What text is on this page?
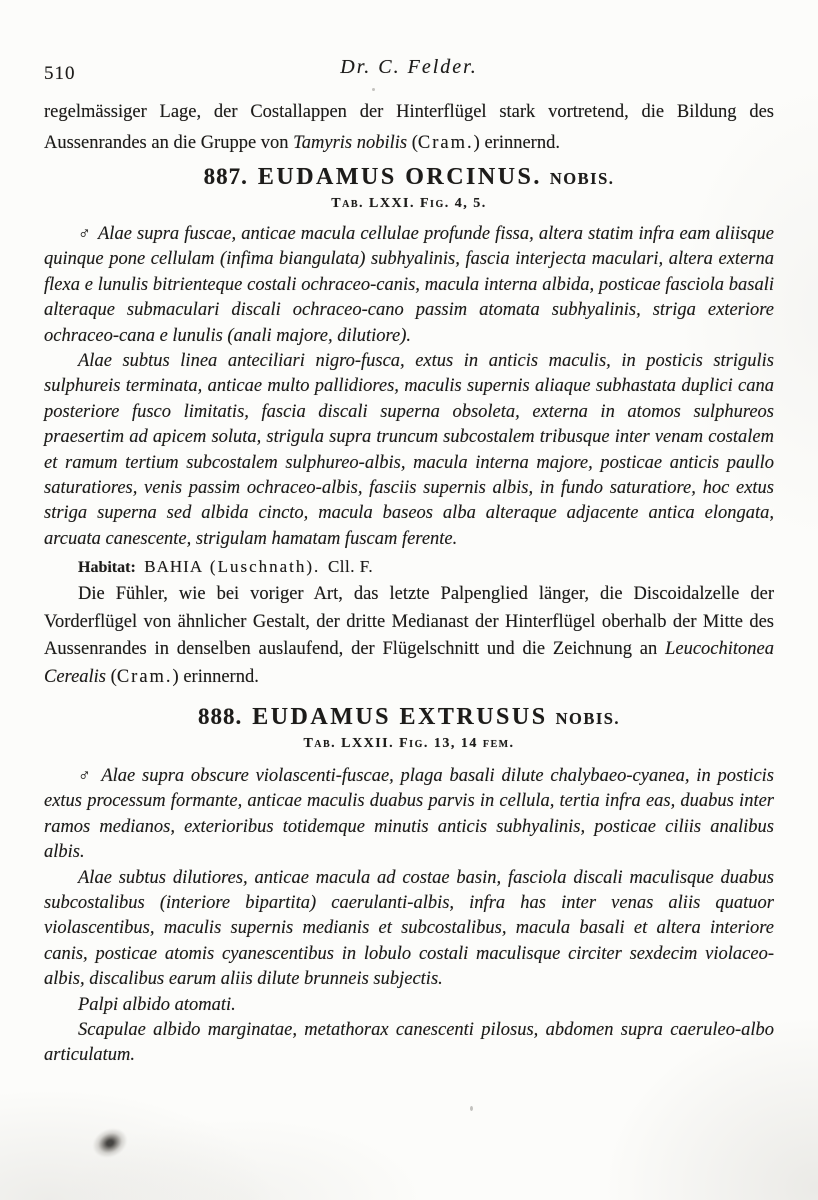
510	Dr. C. Felder.

regelmässiger Lage, der Costallappen der Hinterflügel stark vortretend, die Bildung des Aussenrandes an die Gruppe von Tamyris nobilis (Cram.) erinnernd.

887. EUDAMUS ORCINUS. NOBIS.
Tab. LXXI. Fig. 4, 5.

♂ Alae supra fuscae, anticae macula cellulae profunde fissa, altera statim infra eam aliisque quinque pone cellulam (infima biangulata) subhyalinis, fascia interjecta maculari, altera externa flexa e lunulis bitrienteque costali ochraceo-canis, macula interna albida, posticae fasciola basali alteraque submaculari discali ochraceo-cano passim atomata subhyalinis, striga exteriore ochraceo-cana e lunulis (anali majore, dilutiore).

Alae subtus linea anteciliari nigro-fusca, extus in anticis maculis, in posticis strigulis sulphureis terminata, anticae multo pallidiores, maculis supernis aliaque subhastata duplici cana posteriore fusco limitatis, fascia discali superna obsoleta, externa in atomos sulphureos praesertim ad apicem soluta, strigula supra truncum subcostalem tribusque inter venam costalem et ramum tertium subcostalem sulphureo-albis, macula interna majore, posticae anticis paullo saturatiores, venis passim ochraceo-albis, fasciis supernis albis, in fundo saturatiore, hoc extus striga superna sed albida cincto, macula baseos alba alteraque adjacente antica elongata, arcuata canescente, strigulam hamatam fuscam ferente.

Habitat: BAHIA (Luschnath). Cll. F.

Die Fühler, wie bei voriger Art, das letzte Palpenglied länger, die Discoidalzelle der Vorderflügel von ähnlicher Gestalt, der dritte Medianast der Hinterflügel oberhalb der Mitte des Aussenrandes in denselben auslaufend, der Flügelschnitt und die Zeichnung an Leucochitonea Cerealis (Cram.) erinnernd.

888. EUDAMUS EXTRUSUS NOBIS.
Tab. LXXII. Fig. 13, 14 fem.

♂ Alae supra obscure violascenti-fuscae, plaga basali dilute chalybaeo-cyanea, in posticis extus processum formante, anticae maculis duabus parvis in cellula, tertia infra eas, duabus inter ramos medianos, exterioribus totidemque minutis anticis subhyalinis, posticae ciliis analibus albis.

Alae subtus dilutiores, anticae macula ad costae basin, fasciola discali maculisque duabus subcostalibus (interiore bipartita) caerulanti-albis, infra has inter venas aliis quatuor violascentibus, maculis supernis medianis et subcostalibus, macula basali et altera interiore canis, posticae atomis cyanescentibus in lobulo costali maculisque circiter sexdecim violaceo-albis, discalibus earum aliis dilute brunneis subjectis.

Palpi albido atomati.

Scapulae albido marginatae, metathorax canescenti pilosus, abdomen supra caeruleo-albo articulatum.
